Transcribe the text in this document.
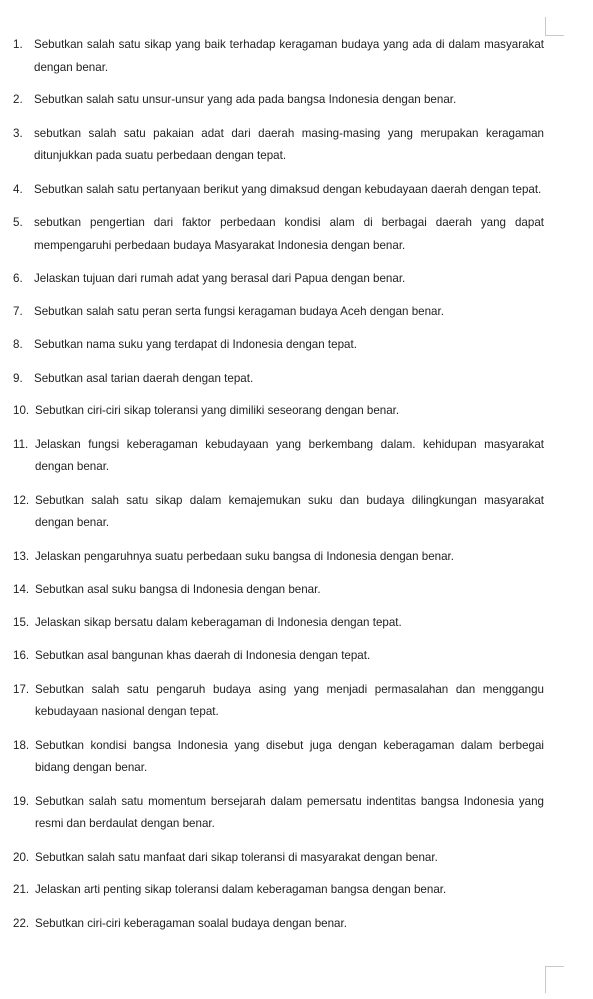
1. Sebutkan salah satu sikap yang baik terhadap keragaman budaya yang ada di dalam masyarakat dengan benar.
2. Sebutkan salah satu unsur-unsur yang ada pada bangsa Indonesia dengan benar.
3. sebutkan salah satu pakaian adat dari daerah masing-masing yang merupakan keragaman ditunjukkan pada suatu perbedaan dengan tepat.
4. Sebutkan salah satu pertanyaan berikut yang dimaksud dengan kebudayaan daerah dengan tepat.
5. sebutkan pengertian dari faktor perbedaan kondisi alam di berbagai daerah yang dapat mempengaruhi perbedaan budaya Masyarakat Indonesia dengan benar.
6. Jelaskan tujuan dari rumah adat yang berasal dari Papua dengan benar.
7. Sebutkan salah satu peran serta fungsi keragaman budaya Aceh dengan benar.
8. Sebutkan nama suku yang terdapat di Indonesia dengan tepat.
9. Sebutkan asal tarian daerah dengan tepat.
10. Sebutkan ciri-ciri sikap toleransi yang dimiliki seseorang dengan benar.
11. Jelaskan fungsi keberagaman kebudayaan yang berkembang dalam. kehidupan masyarakat dengan benar.
12. Sebutkan salah satu sikap dalam kemajemukan suku dan budaya dilingkungan masyarakat dengan benar.
13. Jelaskan pengaruhnya suatu perbedaan suku bangsa di Indonesia dengan benar.
14. Sebutkan asal suku bangsa di Indonesia dengan benar.
15. Jelaskan sikap bersatu dalam keberagaman di Indonesia dengan tepat.
16. Sebutkan asal bangunan khas daerah di Indonesia dengan tepat.
17. Sebutkan salah satu pengaruh budaya asing yang menjadi permasalahan dan menggangu kebudayaan nasional dengan tepat.
18. Sebutkan kondisi bangsa Indonesia yang disebut juga dengan keberagaman dalam berbegai bidang dengan benar.
19. Sebutkan salah satu momentum bersejarah dalam pemersatu indentitas bangsa Indonesia yang resmi dan berdaulat dengan benar.
20. Sebutkan salah satu manfaat dari sikap toleransi di masyarakat dengan benar.
21. Jelaskan arti penting sikap toleransi dalam keberagaman bangsa dengan benar.
22. Sebutkan ciri-ciri keberagaman soalal budaya dengan benar.
